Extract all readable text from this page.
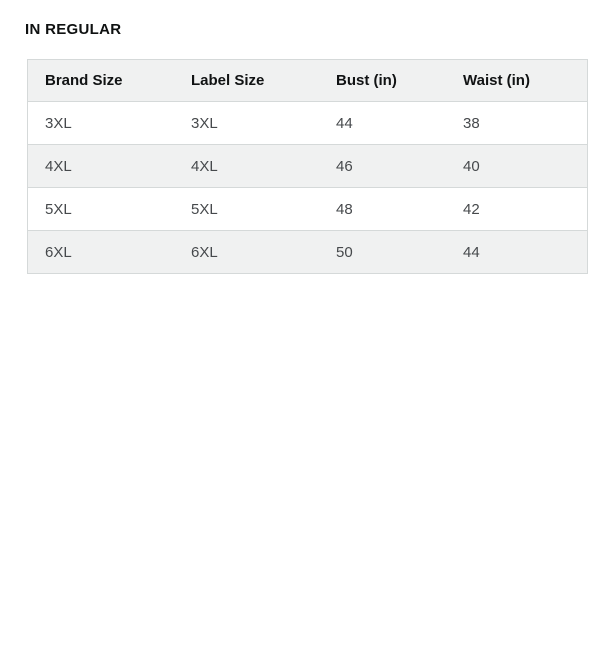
IN REGULAR
Brand Size	Label Size	Bust (in)	Waist (in)	
3XL	3XL	44	38	
4XL	4XL	46	40	
5XL	5XL	48	42	
6XL	6XL	50	44	
